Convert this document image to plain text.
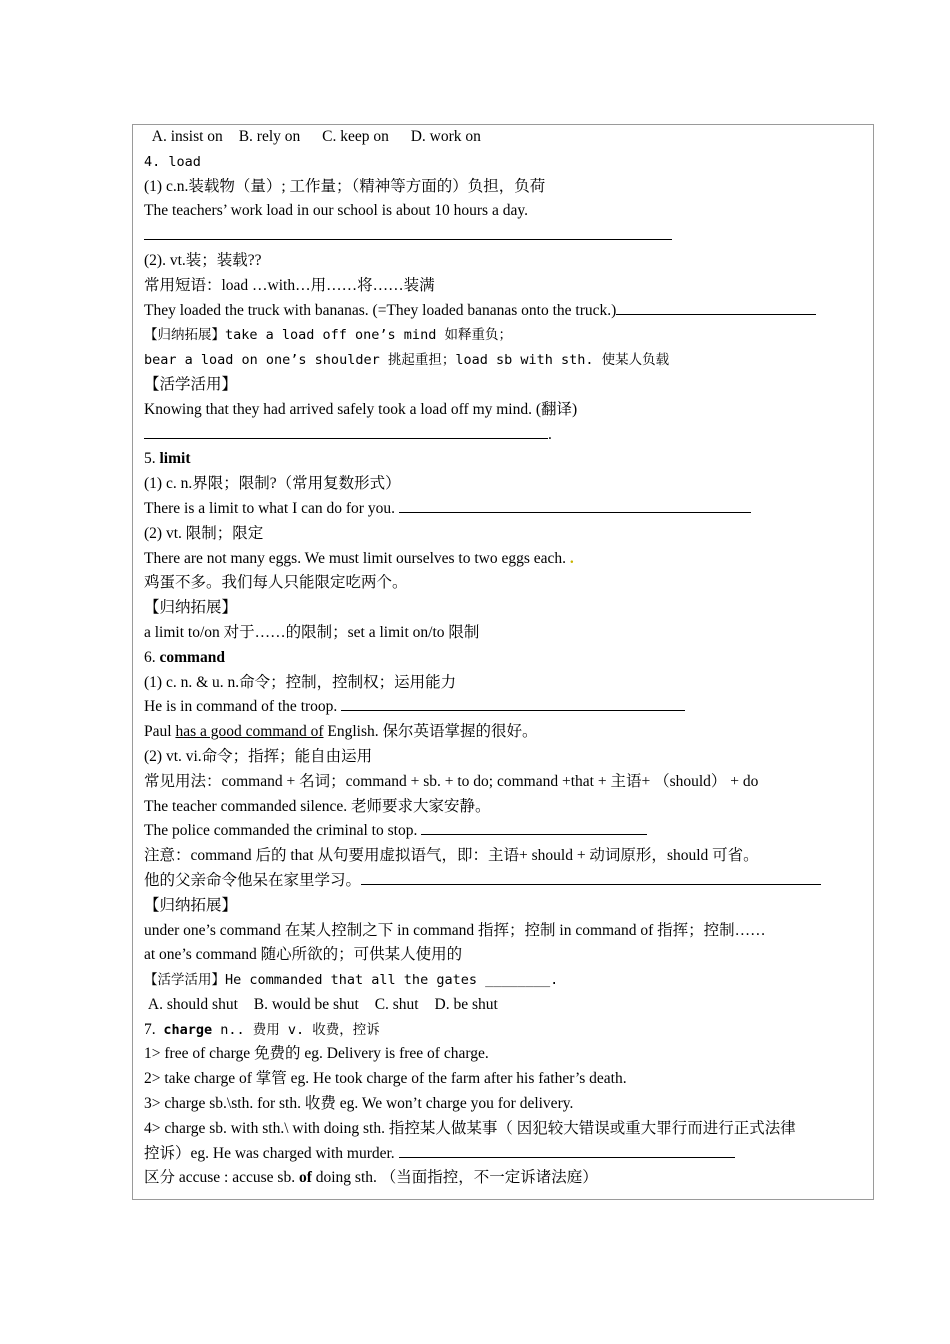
A. insist on B. rely on C. keep on D. work on
4. load
(1) c.n.装载物（量）; 工作量；（精神等方面的）负担，负荷
The teachers’ work load in our school is about 10 hours a day.
(2). vt.装；装载??
常用短语：load …with…用……将……装满
They loaded the truck with bananas. (=They loaded bananas onto the truck.)
【归纳拓展】take a load off one’s mind 如释重负；
bear a load on one’s shoulder 挑起重担；load sb with sth. 使某人负载
【活学活用】
Knowing that they had arrived safely took a load off my mind. (翻译)
.
5. limit
(1) c. n.界限；限制?（常用复数形式）
There is a limit to what I can do for you.
(2) vt. 限制；限定
There are not many eggs. We must limit ourselves to two eggs each. .
鸡蛋不多。我们每人只能限定吃两个。
【归纳拓展】
a limit to/on 对于……的限制；set a limit on/to 限制
6. command
(1) c. n. & u. n.命令；控制，控制权；运用能力
He is in command of the troop.
Paul has a good command of English. 保尔英语掌握的很好。
(2) vt. vi.命令；指挥；能自由运用
常见用法：command + 名词；command + sb. + to do; command +that + 主语+ （should） + do
The teacher commanded silence. 老师要求大家安静。
The police commanded the criminal to stop.
注意：command 后的 that 从句要用虚拟语气，即：主语+ should + 动词原形，should 可省。
他的父亲命令他呆在家里学习。
【归纳拓展】
under one’s command 在某人控制之下 in command 指挥；控制 in command of 指挥；控制……
at one’s command 随心所欲的；可供某人使用的
【活学活用】He commanded that all the gates ________.
A. should shut B. would be shut C. shut D. be shut
7. charge n.. 费用 v. 收费，控诉
1> free of charge 免费的 eg. Delivery is free of charge.
2> take charge of 掌管 eg. He took charge of the farm after his father’s death.
3> charge sb.\sth. for sth. 收费 eg. We won’t charge you for delivery.
4> charge sb. with sth.\ with doing sth. 指控某人做某事（ 因犯较大错误或重大罪行而进行正式法律
控诉）eg. He was charged with murder.
区分 accuse : accuse sb. of doing sth. （当面指控，不一定诉诸法庭）
